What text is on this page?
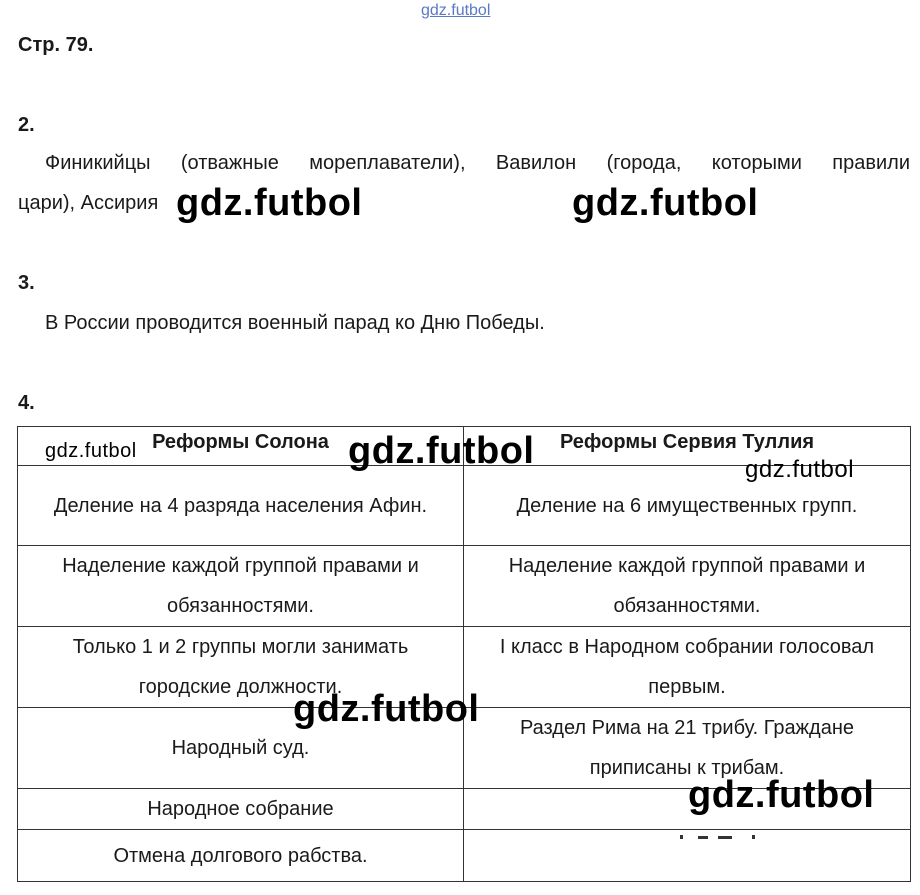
gdz.futbol
Стр. 79.
2.
Финикийцы (отважные мореплаватели), Вавилон (города, которыми правили
цари), Ассирия
3.
В России проводится военный парад ко Дню Победы.
4.
Реформы Солона	Реформы Сервия Туллия
Деление на 4 разряда населения Афин.	Деление на 6 имущественных групп.
Наделение каждой группой правами и обязанностями.	Наделение каждой группой правами и обязанностями.
Только 1 и 2 группы могли занимать городские должности.	I класс в Народном собрании голосовал первым.
Народный суд.	Раздел Рима на 21 трибу. Граждане приписаны к трибам.
Народное собрание	
Отмена долгового рабства.	
gdz.futbol	gdz.futbol
gdz.futbol	gdz.futbol	gdz.futbol
gdz.futbol
gdz.futbol
